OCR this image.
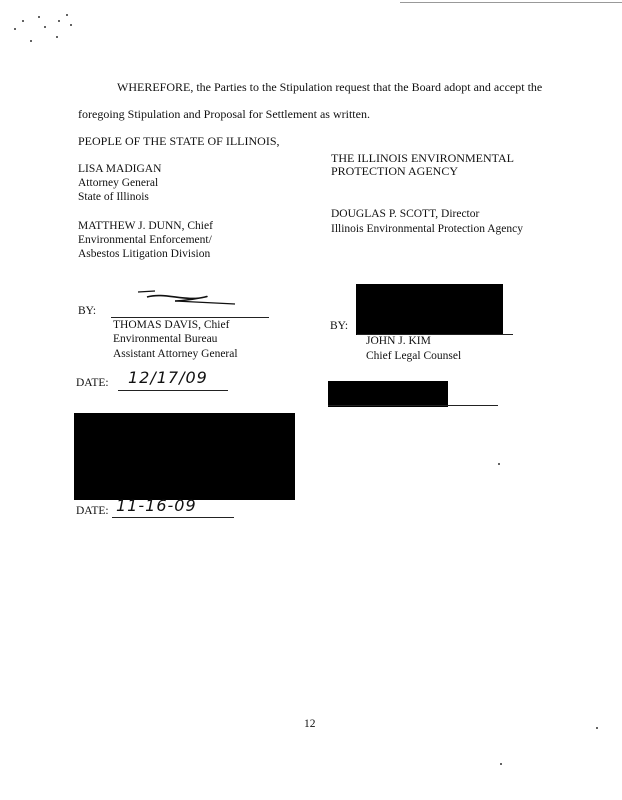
WHEREFORE, the Parties to the Stipulation request that the Board adopt and accept the
foregoing Stipulation and Proposal for Settlement as written.
PEOPLE OF THE STATE OF ILLINOIS,
LISA MADIGAN
Attorney General
State of Illinois
MATTHEW J. DUNN, Chief
Environmental Enforcement/
Asbestos Litigation Division
BY:
THOMAS DAVIS, Chief
Environmental Bureau
Assistant Attorney General
DATE: 12/17/09
DATE: 11-16-09
THE ILLINOIS ENVIRONMENTAL
PROTECTION AGENCY
DOUGLAS P. SCOTT, Director
Illinois Environmental Protection Agency
BY:
JOHN J. KIM
Chief Legal Counsel
12
